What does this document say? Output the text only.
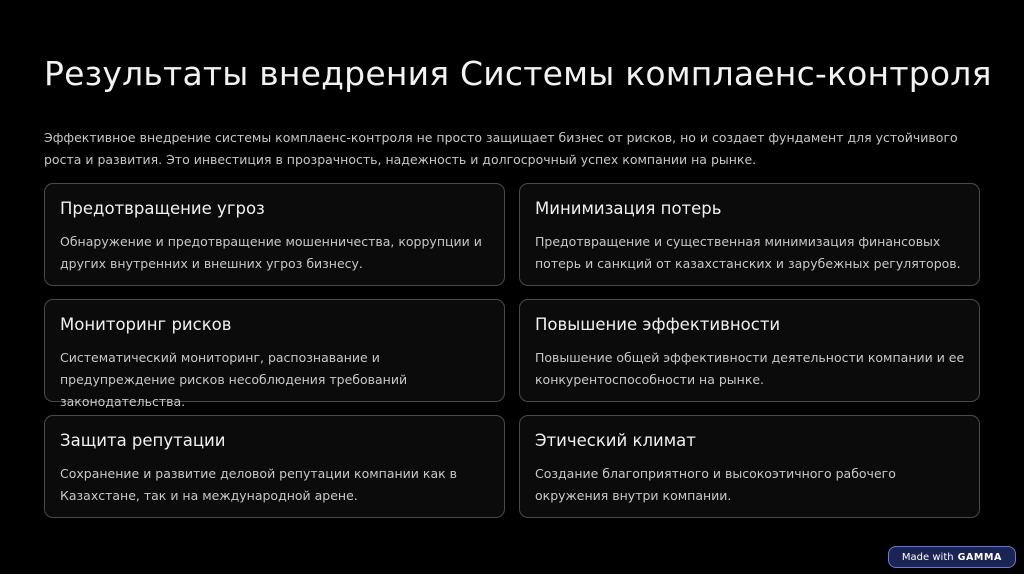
Результаты внедрения Системы комплаенс-контроля

Эффективное внедрение системы комплаенс-контроля не просто защищает бизнес от рисков, но и создает фундамент для устойчивого роста и развития. Это инвестиция в прозрачность, надежность и долгосрочный успех компании на рынке.

Предотвращение угроз
Обнаружение и предотвращение мошенничества, коррупции и других внутренних и внешних угроз бизнесу.
Минимизация потерь
Предотвращение и существенная минимизация финансовых потерь и санкций от казахстанских и зарубежных регуляторов.
Мониторинг рисков
Систематический мониторинг, распознавание и предупреждение рисков несоблюдения требований законодательства.
Повышение эффективности
Повышение общей эффективности деятельности компании и ее конкурентоспособности на рынке.
Защита репутации
Сохранение и развитие деловой репутации компании как в Казахстане, так и на международной арене.
Этический климат
Создание благоприятного и высокоэтичного рабочего окружения внутри компании.
Made with GAMMA
